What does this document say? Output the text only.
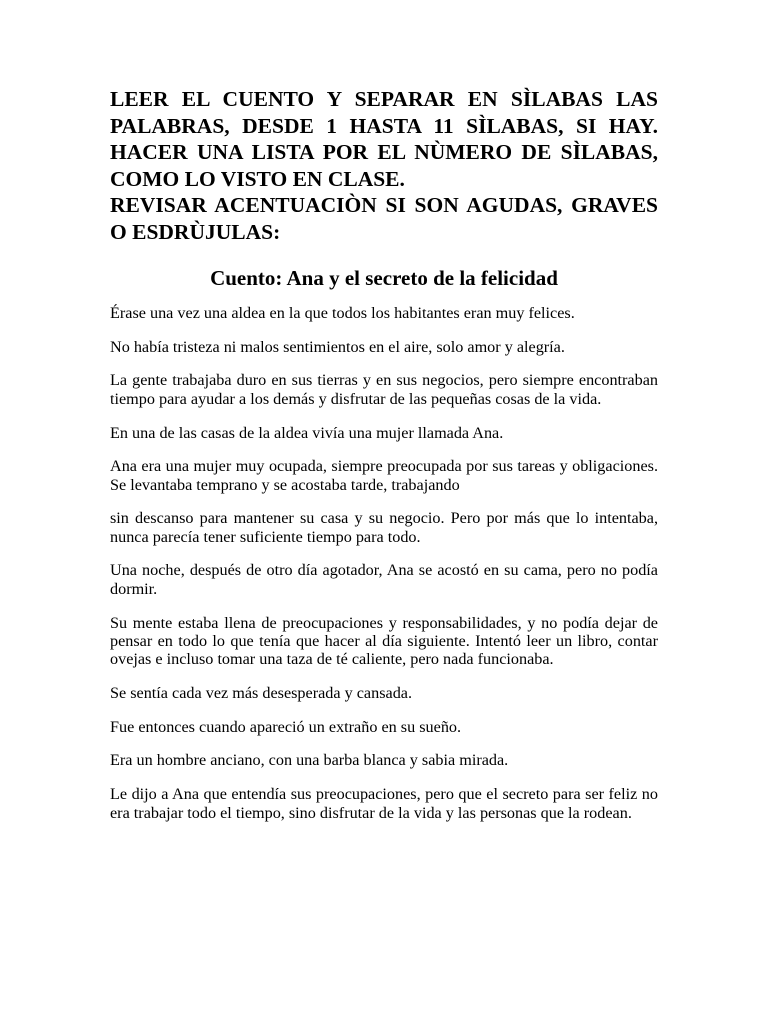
LEER EL CUENTO Y SEPARAR EN SÌLABAS LAS PALABRAS, DESDE 1 HASTA 11 SÌLABAS, SI HAY. HACER UNA LISTA POR EL NÙMERO DE SÌLABAS, COMO LO VISTO EN CLASE.

REVISAR ACENTUACIÒN SI SON AGUDAS, GRAVES O ESDRÙJULAS:

Cuento: Ana y el secreto de la felicidad

Érase una vez una aldea en la que todos los habitantes eran muy felices.

No había tristeza ni malos sentimientos en el aire, solo amor y alegría.

La gente trabajaba duro en sus tierras y en sus negocios, pero siempre encontraban tiempo para ayudar a los demás y disfrutar de las pequeñas cosas de la vida.

En una de las casas de la aldea vivía una mujer llamada Ana.

Ana era una mujer muy ocupada, siempre preocupada por sus tareas y obligaciones. Se levantaba temprano y se acostaba tarde, trabajando

sin descanso para mantener su casa y su negocio. Pero por más que lo intentaba, nunca parecía tener suficiente tiempo para todo.

Una noche, después de otro día agotador, Ana se acostó en su cama, pero no podía dormir.

Su mente estaba llena de preocupaciones y responsabilidades, y no podía dejar de pensar en todo lo que tenía que hacer al día siguiente. Intentó leer un libro, contar ovejas e incluso tomar una taza de té caliente, pero nada funcionaba.

Se sentía cada vez más desesperada y cansada.

Fue entonces cuando apareció un extraño en su sueño.

Era un hombre anciano, con una barba blanca y sabia mirada.

Le dijo a Ana que entendía sus preocupaciones, pero que el secreto para ser feliz no era trabajar todo el tiempo, sino disfrutar de la vida y las personas que la rodean.
